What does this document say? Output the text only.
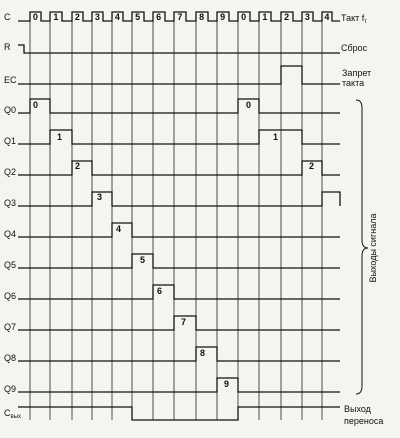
C
R
EC
Q0
Q1
Q2
Q3
Q4
Q5
Q6
Q7
Q8
Q9
$C_{вых}$
0 1 2 3 4 5 6 7 8 9 0 1 2 3 4
0	0
1	1
2	2
3
4
5
6
7
8
9
Такт $f_т$
Сброс
Запрет
такта
Выходы сигнала
Выход
переноса
